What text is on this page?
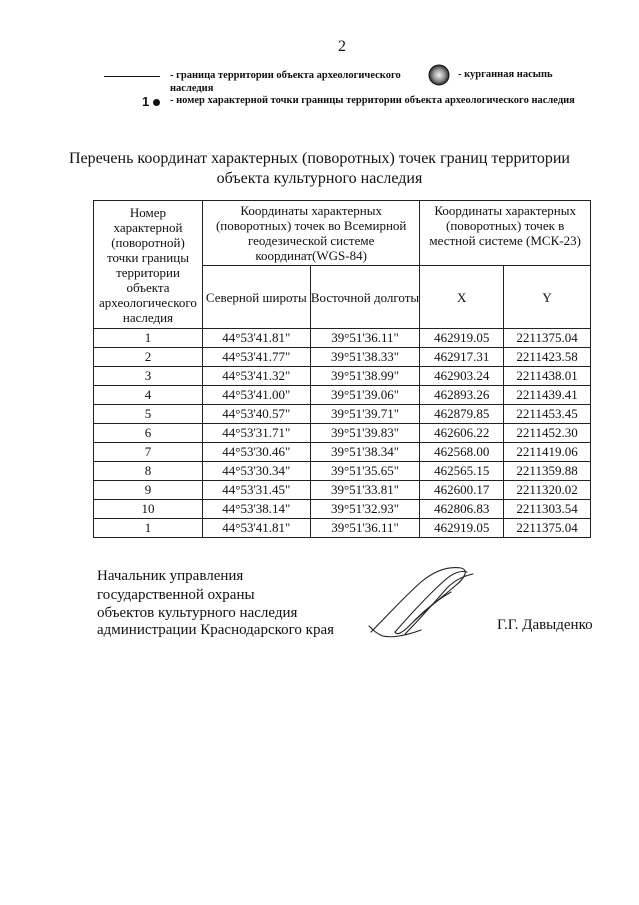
2
- граница территории объекта археологического
наследия
- курганная насыпь
1 - номер характерной точки границы территории объекта археологического наследия
Перечень координат характерных (поворотных) точек границ территории
объекта культурного наследия
Номер характерной (поворотной) точки границы территории объекта археологического наследия	Координаты характерных (поворотных) точек во Всемирной геодезической системе координат(WGS-84)		Координаты характерных (поворотных) точек в местной системе (МСК-23)	
	Северной широты	Восточной долготы	X	Y
1	44°53'41.81"	39°51'36.11"	462919.05	2211375.04
2	44°53'41.77"	39°51'38.33"	462917.31	2211423.58
3	44°53'41.32"	39°51'38.99"	462903.24	2211438.01
4	44°53'41.00"	39°51'39.06"	462893.26	2211439.41
5	44°53'40.57"	39°51'39.71"	462879.85	2211453.45
6	44°53'31.71"	39°51'39.83"	462606.22	2211452.30
7	44°53'30.46"	39°51'38.34"	462568.00	2211419.06
8	44°53'30.34"	39°51'35.65"	462565.15	2211359.88
9	44°53'31.45"	39°51'33.81"	462600.17	2211320.02
10	44°53'38.14"	39°51'32.93"	462806.83	2211303.54
1	44°53'41.81"	39°51'36.11"	462919.05	2211375.04
Начальник управления
государственной охраны
объектов культурного наследия
администрации Краснодарского края	Г.Г. Давыденко
